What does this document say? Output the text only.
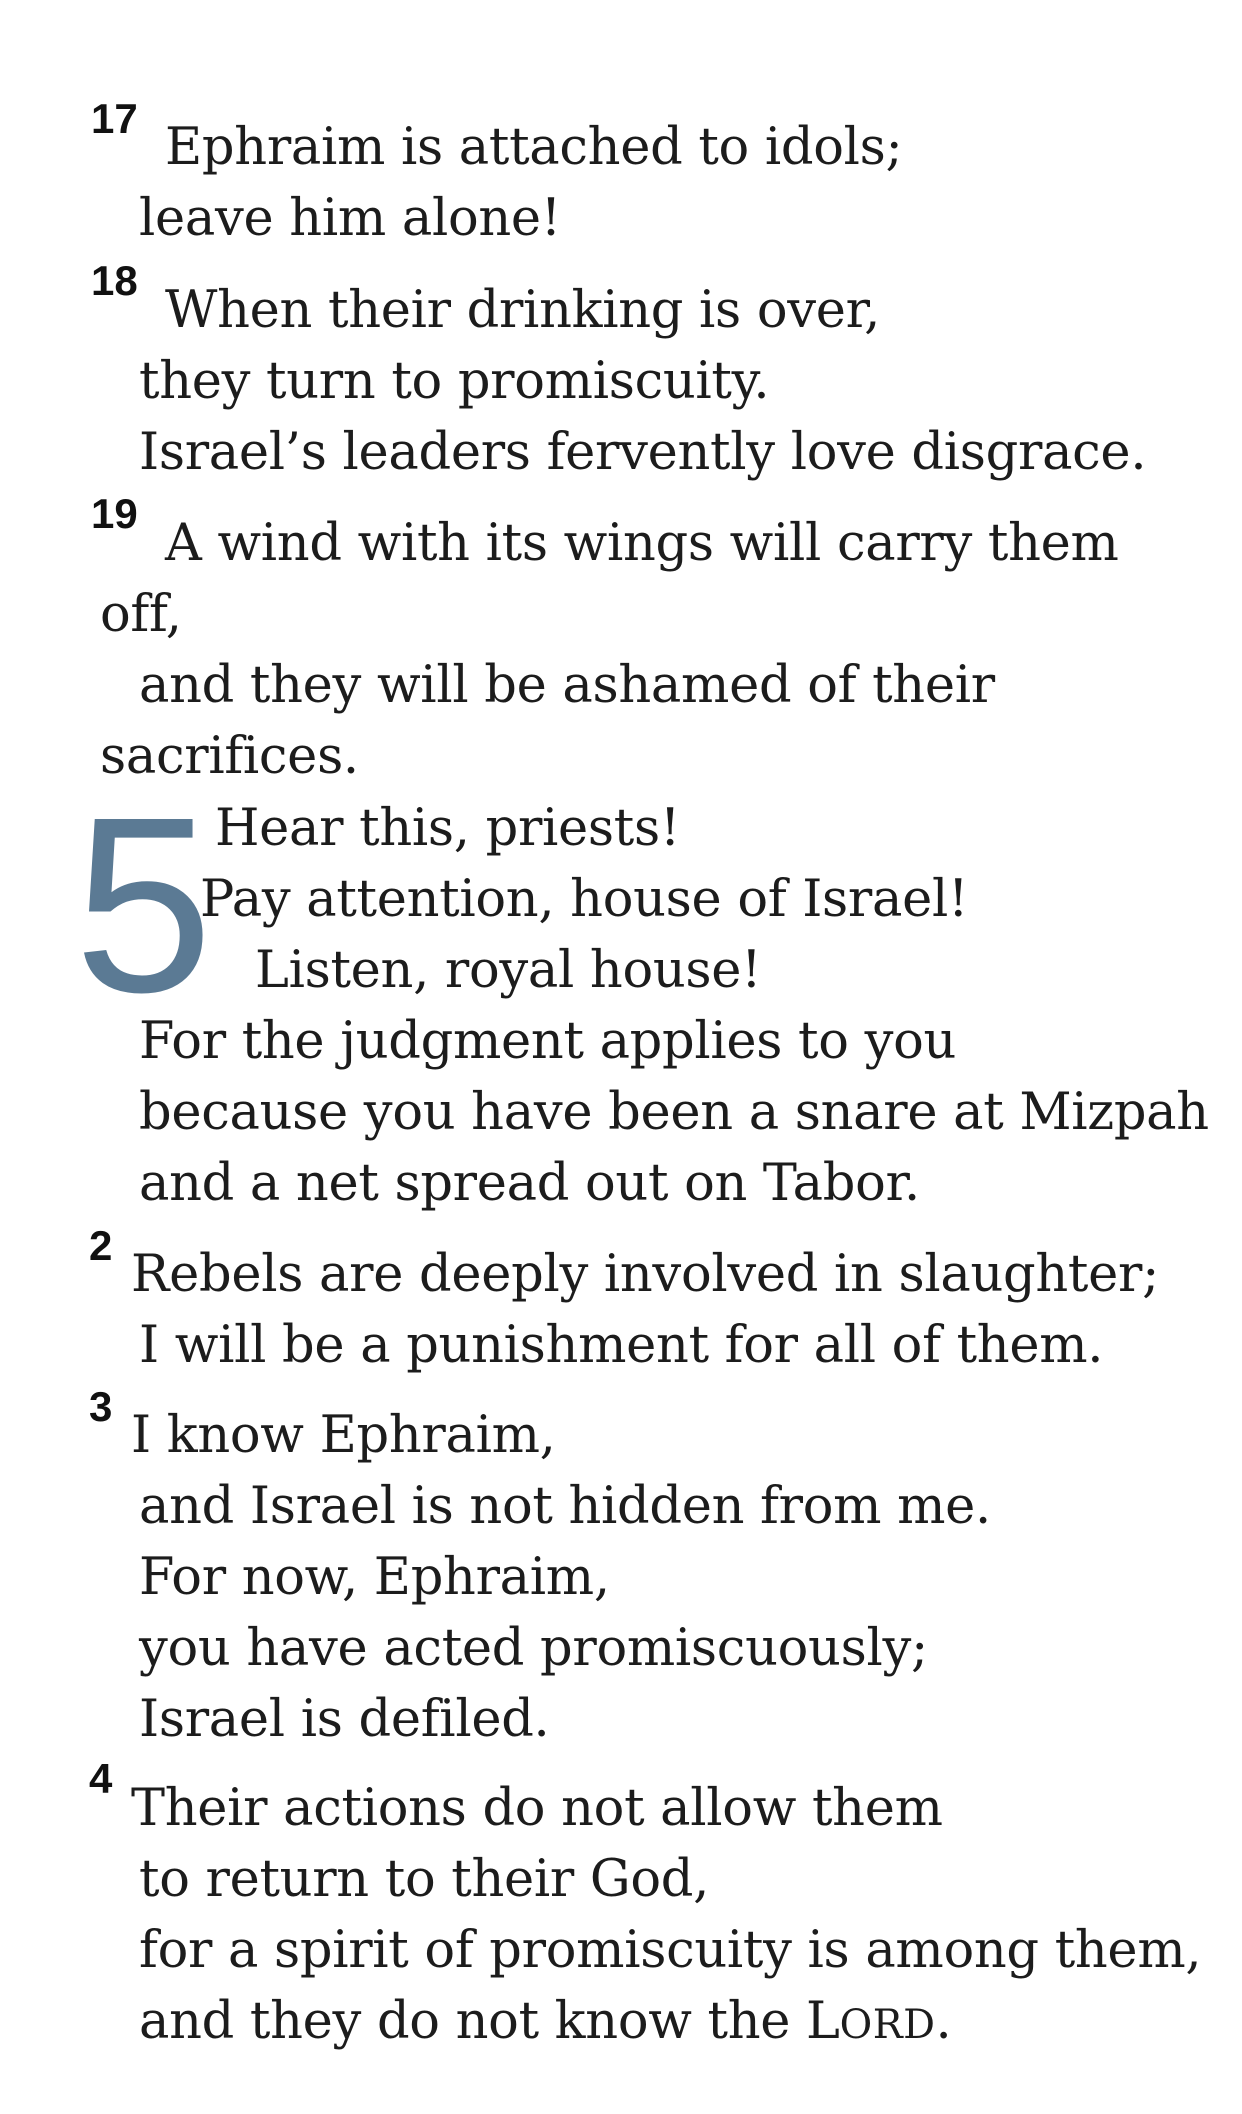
17 Ephraim is attached to idols;
leave him alone!
18
When their drinking is over,
they turn to promiscuity.
Israel’s leaders fervently love disgrace.
19
A wind with its wings will carry them
off,
and they will be ashamed of their
sacrifices.
5 Hear this, priests!
Pay attention, house of Israel!
Listen, royal house!
For the judgment applies to you
because you have been a snare at Mizpah
and a net spread out on Tabor.
2 Rebels are deeply involved in slaughter;
I will be a punishment for all of them.
3 I know Ephraim,
and Israel is not hidden from me.
For now, Ephraim,
you have acted promiscuously;
Israel is defiled.
4
Their actions do not allow them
to return to their God,
for a spirit of promiscuity is among them,
and they do not know the LORD.
